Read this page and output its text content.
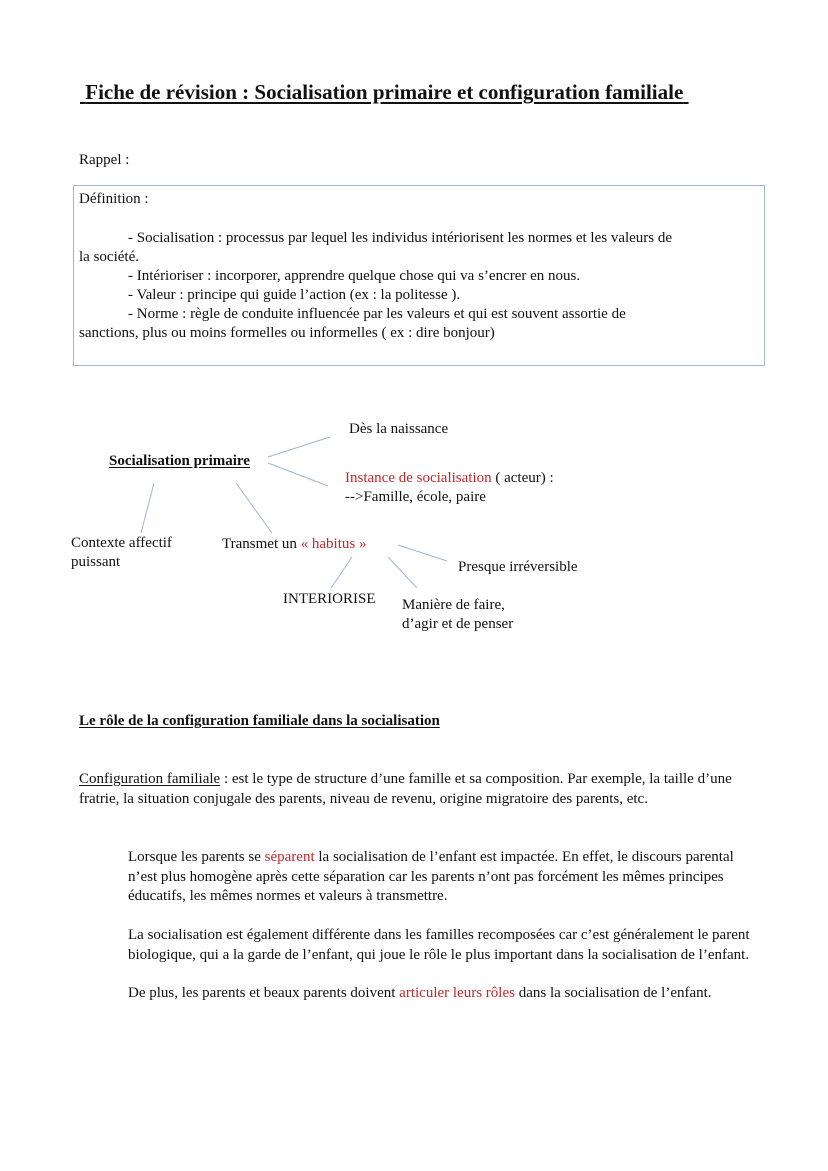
Fiche de révision : Socialisation primaire et configuration familiale
Rappel :
Définition :
- Socialisation : processus par lequel les individus intériorisent les normes et les valeurs de
la société.
- Intérioriser : incorporer, apprendre quelque chose qui va s’encrer en nous.
- Valeur : principe qui guide l’action (ex : la politesse ).
- Norme : règle de conduite influencée par les valeurs et qui est souvent assortie de
sanctions, plus ou moins formelles ou informelles ( ex : dire bonjour)
Dès la naissance
Socialisation primaire
Instance de socialisation ( acteur) :
-->Famille, école, paire
Contexte affectif
puissant
Transmet un « habitus »
Presque irréversible
INTERIORISE Manière de faire,
d’agir et de penser
Le rôle de la configuration familiale dans la socialisation
Configuration familiale : est le type de structure d’une famille et sa composition. Par exemple, la taille d’une fratrie, la situation conjugale des parents, niveau de revenu, origine migratoire des parents, etc.
Lorsque les parents se séparent la socialisation de l’enfant est impactée. En effet, le discours parental n’est plus homogène après cette séparation car les parents n’ont pas forcément les mêmes principes éducatifs, les mêmes normes et valeurs à transmettre.
La socialisation est également différente dans les familles recomposées car c’est généralement le parent biologique, qui a la garde de l’enfant, qui joue le rôle le plus important dans la socialisation de l’enfant.
De plus, les parents et beaux parents doivent articuler leurs rôles dans la socialisation de l’enfant.
